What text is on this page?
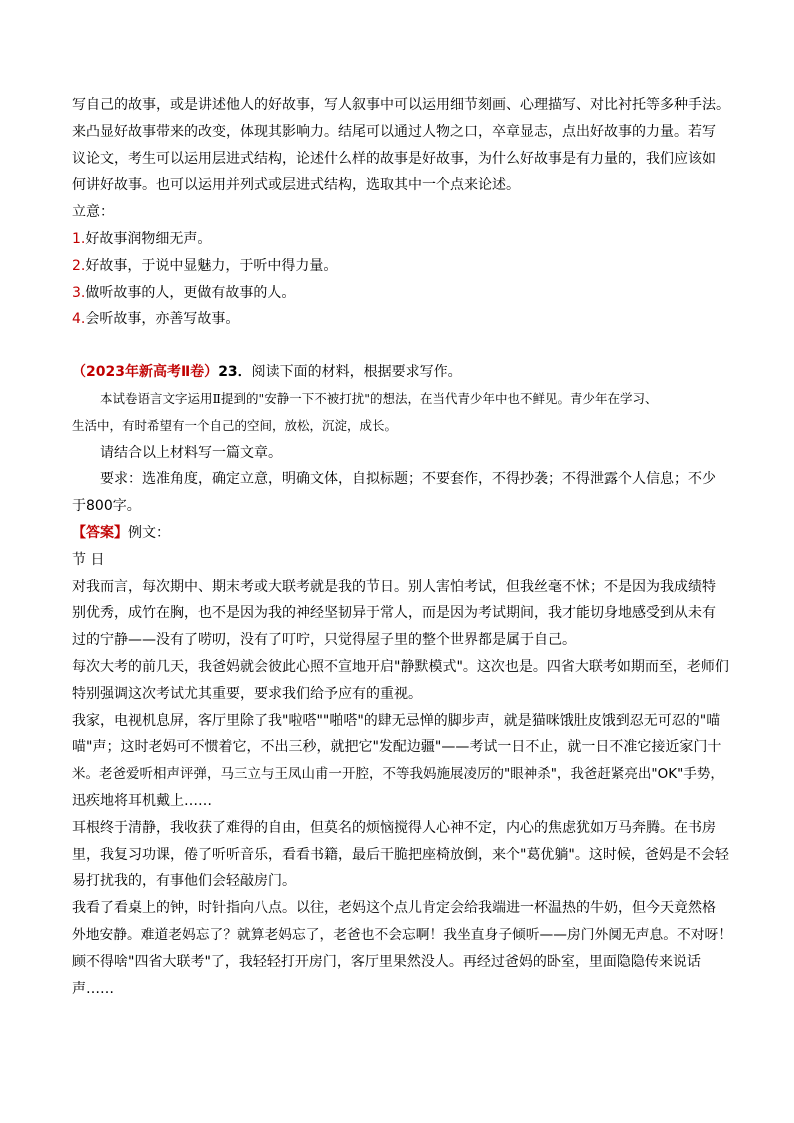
写自己的故事，或是讲述他人的好故事，写人叙事中可以运用细节刻画、心理描写、对比衬托等多种手法。

来凸显好故事带来的改变，体现其影响力。结尾可以通过人物之口，卒章显志，点出好故事的力量。若写

议论文，考生可以运用层进式结构，论述什么样的故事是好故事，为什么好故事是有力量的，我们应该如

何讲好故事。也可以运用并列式或层进式结构，选取其中一个点来论述。

立意：

1.好故事润物细无声。

2.好故事，于说中显魅力，于听中得力量。

3.做听故事的人，更做有故事的人。

4.会听故事，亦善写故事。

（2023年新高考Ⅱ卷）23．阅读下面的材料，根据要求写作。

本试卷语言文字运用Ⅱ提到的"安静一下不被打扰"的想法，在当代青少年中也不鲜见。青少年在学习、

生活中，有时希望有一个自己的空间，放松，沉淀，成长。

请结合以上材料写一篇文章。

要求：选准角度，确定立意，明确文体，自拟标题；不要套作，不得抄袭；不得泄露个人信息；不少

于800字。

【答案】例文：

节 日

对我而言，每次期中、期末考或大联考就是我的节日。别人害怕考试，但我丝毫不怵；不是因为我成绩特

别优秀，成竹在胸，也不是因为我的神经坚韧异于常人，而是因为考试期间，我才能切身地感受到从未有

过的宁静——没有了唠叨，没有了叮咛，只觉得屋子里的整个世界都是属于自己。

每次大考的前几天，我爸妈就会彼此心照不宣地开启"静默模式"。这次也是。四省大联考如期而至，老师们

特别强调这次考试尤其重要，要求我们给予应有的重视。

我家，电视机息屏，客厅里除了我"啦嗒""啪嗒"的肆无忌惮的脚步声，就是猫咪饿肚皮饿到忍无可忍的"喵

喵"声；这时老妈可不惯着它，不出三秒，就把它"发配边疆"——考试一日不止，就一日不准它接近家门十

米。老爸爱听相声评弹，马三立与王凤山甫一开腔，不等我妈施展凌厉的"眼神杀"，我爸赶紧亮出"OK"手势，

迅疾地将耳机戴上……

耳根终于清静，我收获了难得的自由，但莫名的烦恼搅得人心神不定，内心的焦虑犹如万马奔腾。在书房

里，我复习功课，倦了听听音乐，看看书籍，最后干脆把座椅放倒，来个"葛优躺"。这时候，爸妈是不会轻

易打扰我的，有事他们会轻敲房门。

我看了看桌上的钟，时针指向八点。以往，老妈这个点儿肯定会给我端进一杯温热的牛奶，但今天竟然格

外地安静。难道老妈忘了？就算老妈忘了，老爸也不会忘啊！我坐直身子倾听——房门外阒无声息。不对呀！

顾不得啥"四省大联考"了，我轻轻打开房门，客厅里果然没人。再经过爸妈的卧室，里面隐隐传来说话

声……
